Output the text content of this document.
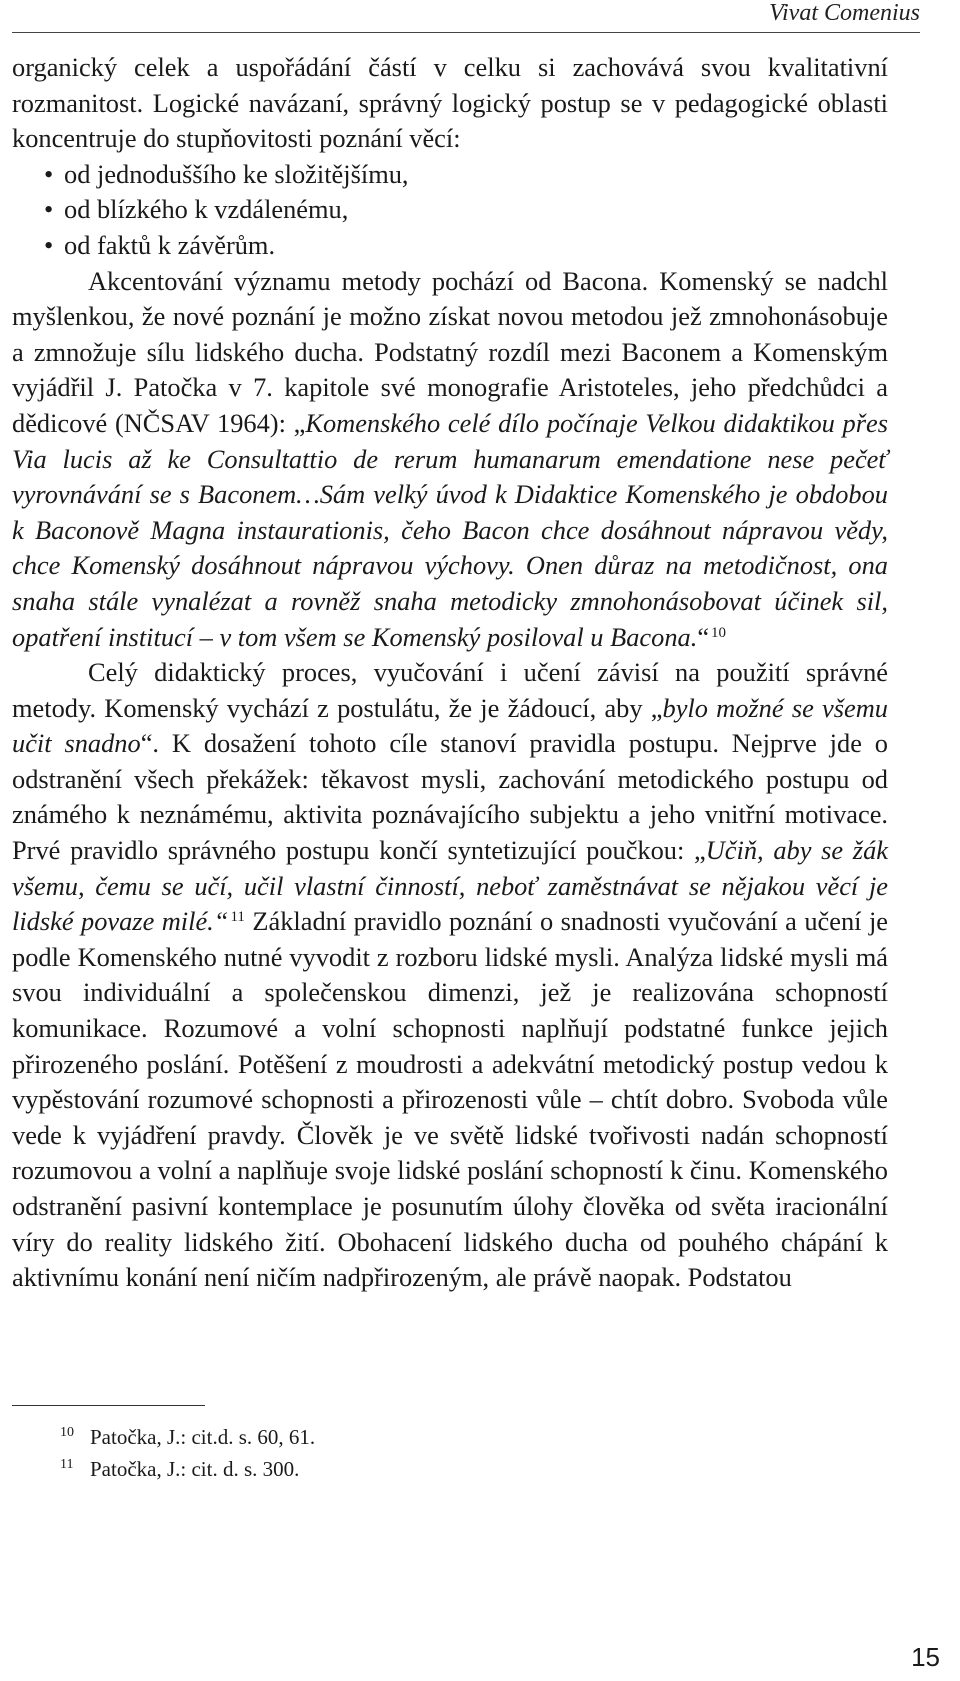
Vivat Comenius

organický celek a uspořádání částí v celku si zachovává svou kvalitativní rozmanitost. Logické navázaní, správný logický postup se v pedagogické oblasti koncentruje do stupňovitosti poznání věcí:

• od jednoduššího ke složitějšímu,
• od blízkého k vzdálenému,
• od faktů k závěrům.

Akcentování významu metody pochází od Bacona. Komenský se nadchl myšlenkou, že nové poznání je možno získat novou metodou jež zmnohonásobuje a zmnožuje sílu lidského ducha. Podstatný rozdíl mezi Baconem a Komenským vyjádřil J. Patočka v 7. kapitole své monografie Aristoteles, jeho předchůdci a dědicové (NČSAV 1964): „Komenského celé dílo počínaje Velkou didaktikou přes Via lucis až ke Consultattio de rerum humanarum emendatione nese pečeť vyrovnávání se s Baconem…Sám velký úvod k Didaktice Komenského je obdobou k Baconově Magna instaurationis, čeho Bacon chce dosáhnout nápravou vědy, chce Komenský dosáhnout nápravou výchovy. Onen důraz na metodičnost, ona snaha stále vynalézat a rovněž snaha metodicky zmnohonásobovat účinek sil, opatření institucí – v tom všem se Komenský posiloval u Bacona.“ $^{10}$

Celý didaktický proces, vyučování i učení závisí na použití správné metody. Komenský vychází z postulátu, že je žádoucí, aby „bylo možné se všemu učit snadno“. K dosažení tohoto cíle stanoví pravidla postupu. Nejprve jde o odstranění všech překážek: těkavost mysli, zachování metodického postupu od známého k neznámému, aktivita poznávajícího subjektu a jeho vnitřní motivace. Prvé pravidlo správného postupu končí syntetizující poučkou: „Učiň, aby se žák všemu, čemu se učí, učil vlastní činností, neboť zaměstnávat se nějakou věcí je lidské povaze milé.“ $^{11}$ Základní pravidlo poznání o snadnosti vyučování a učení je podle Komenského nutné vyvodit z rozboru lidské mysli. Analýza lidské mysli má svou individuální a společenskou dimenzi, jež je realizována schopností komunikace. Rozumové a volní schopnosti naplňují podstatné funkce jejich přirozeného poslání. Potěšení z moudrosti a adekvátní metodický postup vedou k vypěstování rozumové schopnosti a přirozenosti vůle – chtít dobro. Svoboda vůle vede k vyjádření pravdy. Člověk je ve světě lidské tvořivosti nadán schopností rozumovou a volní a naplňuje svoje lidské poslání schopností k činu. Komenského odstranění pasivní kontemplace je posunutím úlohy člověka od světa iracionální víry do reality lidského žití. Obohacení lidského ducha od pouhého chápání k aktivnímu konání není ničím nadpřirozeným, ale právě naopak. Podstatou

10 Patočka, J.: cit.d. s. 60, 61.
11 Patočka, J.: cit. d. s. 300.
15
